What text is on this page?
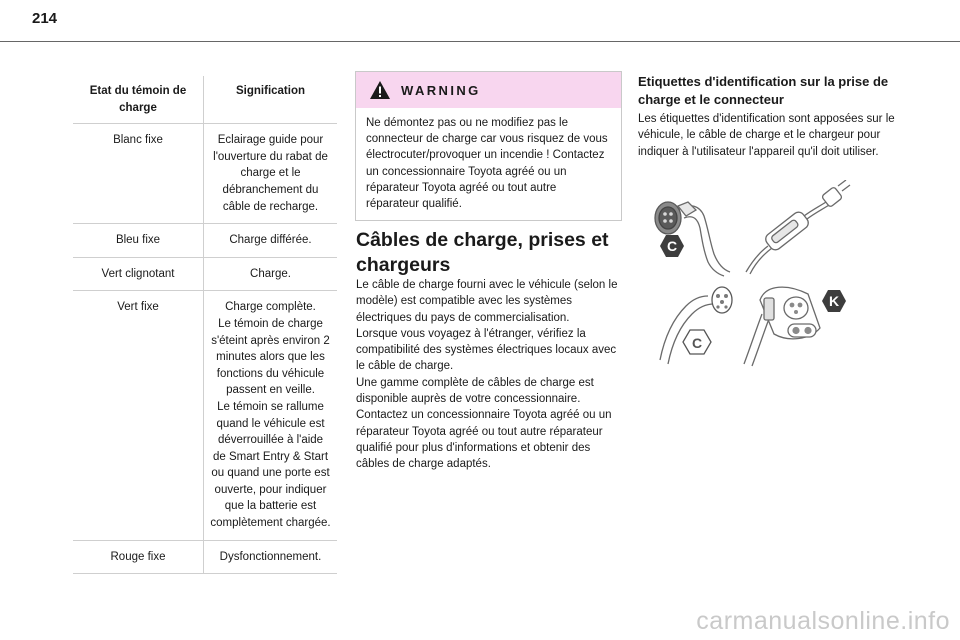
214
Etat du témoin de charge
Signification
Blanc fixe	Eclairage guide pour l'ouverture du rabat de charge et le débranchement du câble de recharge.
Bleu fixe	Charge différée.
Vert clignotant	Charge.
Vert fixe	Charge complète.
Le témoin de charge s'éteint après environ 2 minutes alors que les fonctions du véhicule passent en veille.
Le témoin se rallume quand le véhicule est déverrouillée à l'aide de Smart Entry & Start ou quand une porte est ouverte, pour indiquer que la batterie est complètement chargée.
Rouge fixe	Dysfonctionnement.
WARNING
Ne démontez pas ou ne modifiez pas le connecteur de charge car vous risquez de vous électrocuter/provoquer un incendie ! Contactez un concessionnaire Toyota agréé ou un réparateur Toyota agréé ou tout autre réparateur qualifié.
Câbles de charge, prises et chargeurs
Le câble de charge fourni avec le véhicule (selon le modèle) est compatible avec les systèmes électriques du pays de commercialisation.
Lorsque vous voyagez à l'étranger, vérifiez la compatibilité des systèmes électriques locaux avec le câble de charge.
Une gamme complète de câbles de charge est disponible auprès de votre concessionnaire. Contactez un concessionnaire Toyota agréé ou un réparateur Toyota agréé ou tout autre réparateur qualifié pour plus d'informations et obtenir des câbles de charge adaptés.
Etiquettes d'identification sur la prise de charge et le connecteur
Les étiquettes d'identification sont apposées sur le véhicule, le câble de charge et le chargeur pour indiquer à l'utilisateur l'appareil qu'il doit utiliser.
C
C
K
carmanualsonline.info
